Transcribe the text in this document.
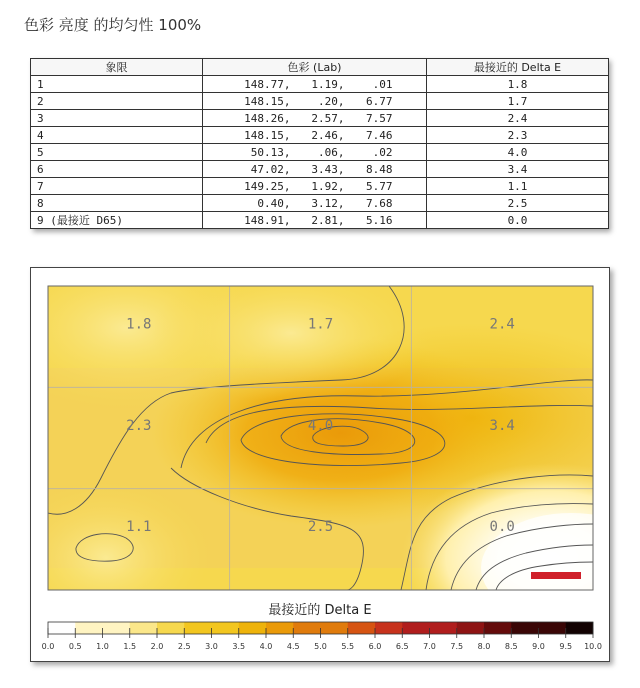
色彩 亮度 的均匀性 100%
象限	色彩 (Lab)	最接近的 Delta E
1	148.77, 1.19, .01	1.8
2	148.15, .20, 6.77	1.7
3	148.26, 2.57, 7.57	2.4
4	148.15, 2.46, 7.46	2.3
5	50.13, .06, .02	4.0
6	47.02, 3.43, 8.48	3.4
7	149.25, 1.92, 5.77	1.1
8	0.40, 3.12, 7.68	2.5
9 (最接近 D65)	148.91, 2.81, 5.16	0.0
1.8	1.7	2.4
2.3	4.0	3.4
1.1	2.5	0.0
最接近的 Delta E
0.0 0.5 1.0 1.5 2.0 2.5 3.0 3.5 4.0 4.5 5.0 5.5 6.0 6.5 7.0 7.5 8.0 8.5 9.0 9.5 10.0
